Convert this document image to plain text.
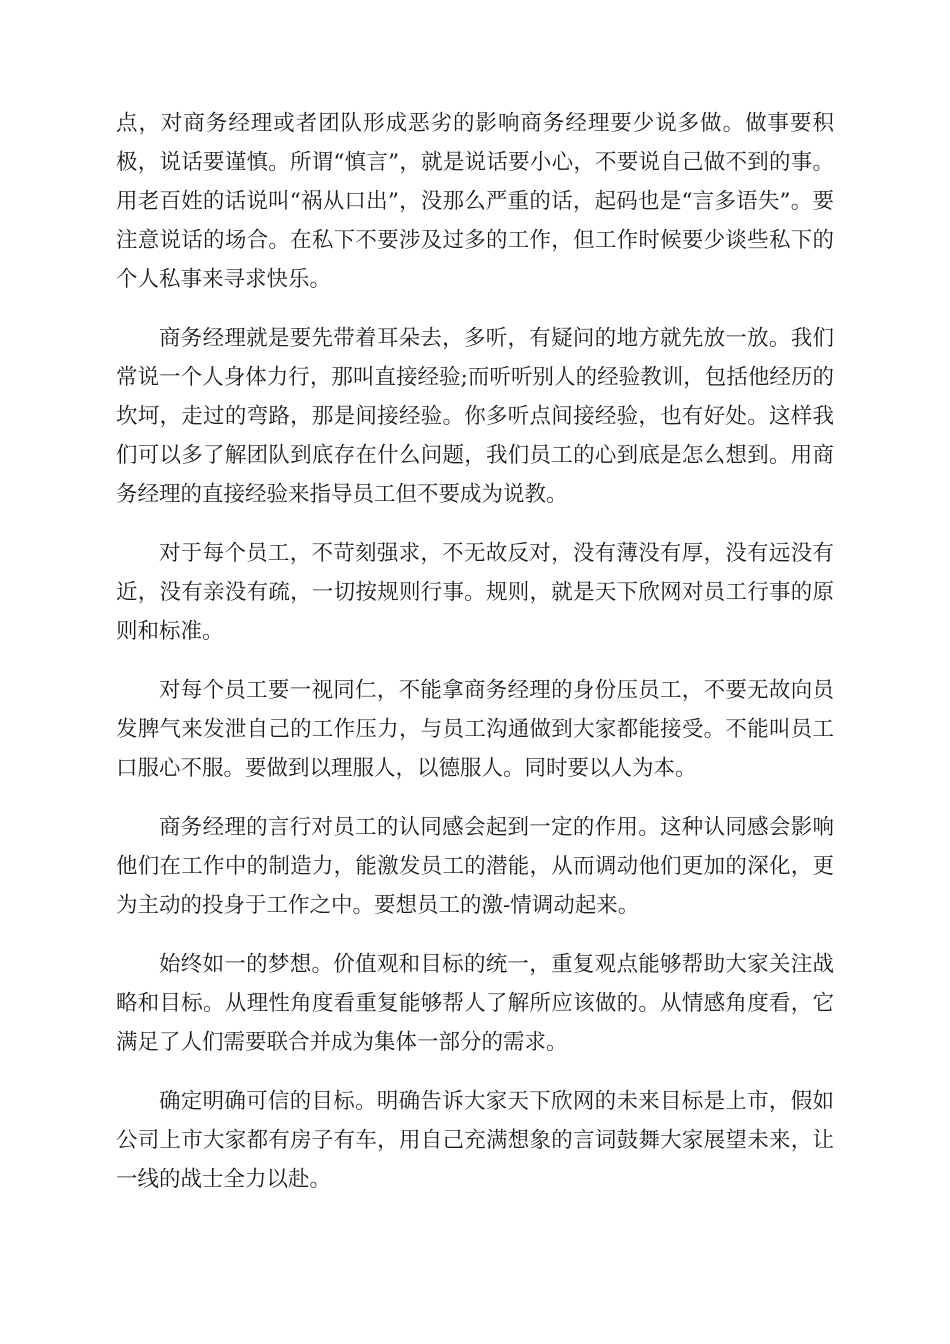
点，对商务经理或者团队形成恶劣的影响商务经理要少说多做。做事要积极，说话要谨慎。所谓“慎言”，就是说话要小心，不要说自己做不到的事。用老百姓的话说叫“祸从口出”，没那么严重的话，起码也是“言多语失”。要注意说话的场合。在私下不要涉及过多的工作，但工作时候要少谈些私下的个人私事来寻求快乐。

商务经理就是要先带着耳朵去，多听，有疑问的地方就先放一放。我们常说一个人身体力行，那叫直接经验;而听听别人的经验教训，包括他经历的坎坷，走过的弯路，那是间接经验。你多听点间接经验，也有好处。这样我们可以多了解团队到底存在什么问题，我们员工的心到底是怎么想到。用商务经理的直接经验来指导员工但不要成为说教。

对于每个员工，不苛刻强求，不无故反对，没有薄没有厚，没有远没有近，没有亲没有疏，一切按规则行事。规则，就是天下欣网对员工行事的原则和标准。

对每个员工要一视同仁，不能拿商务经理的身份压员工，不要无故向员发脾气来发泄自己的工作压力，与员工沟通做到大家都能接受。不能叫员工口服心不服。要做到以理服人，以德服人。同时要以人为本。

商务经理的言行对员工的认同感会起到一定的作用。这种认同感会影响他们在工作中的制造力，能激发员工的潜能，从而调动他们更加的深化，更为主动的投身于工作之中。要想员工的激-情调动起来。

始终如一的梦想。价值观和目标的统一，重复观点能够帮助大家关注战略和目标。从理性角度看重复能够帮人了解所应该做的。从情感角度看，它满足了人们需要联合并成为集体一部分的需求。

确定明确可信的目标。明确告诉大家天下欣网的未来目标是上市，假如公司上市大家都有房子有车，用自己充满想象的言词鼓舞大家展望未来，让一线的战士全力以赴。
